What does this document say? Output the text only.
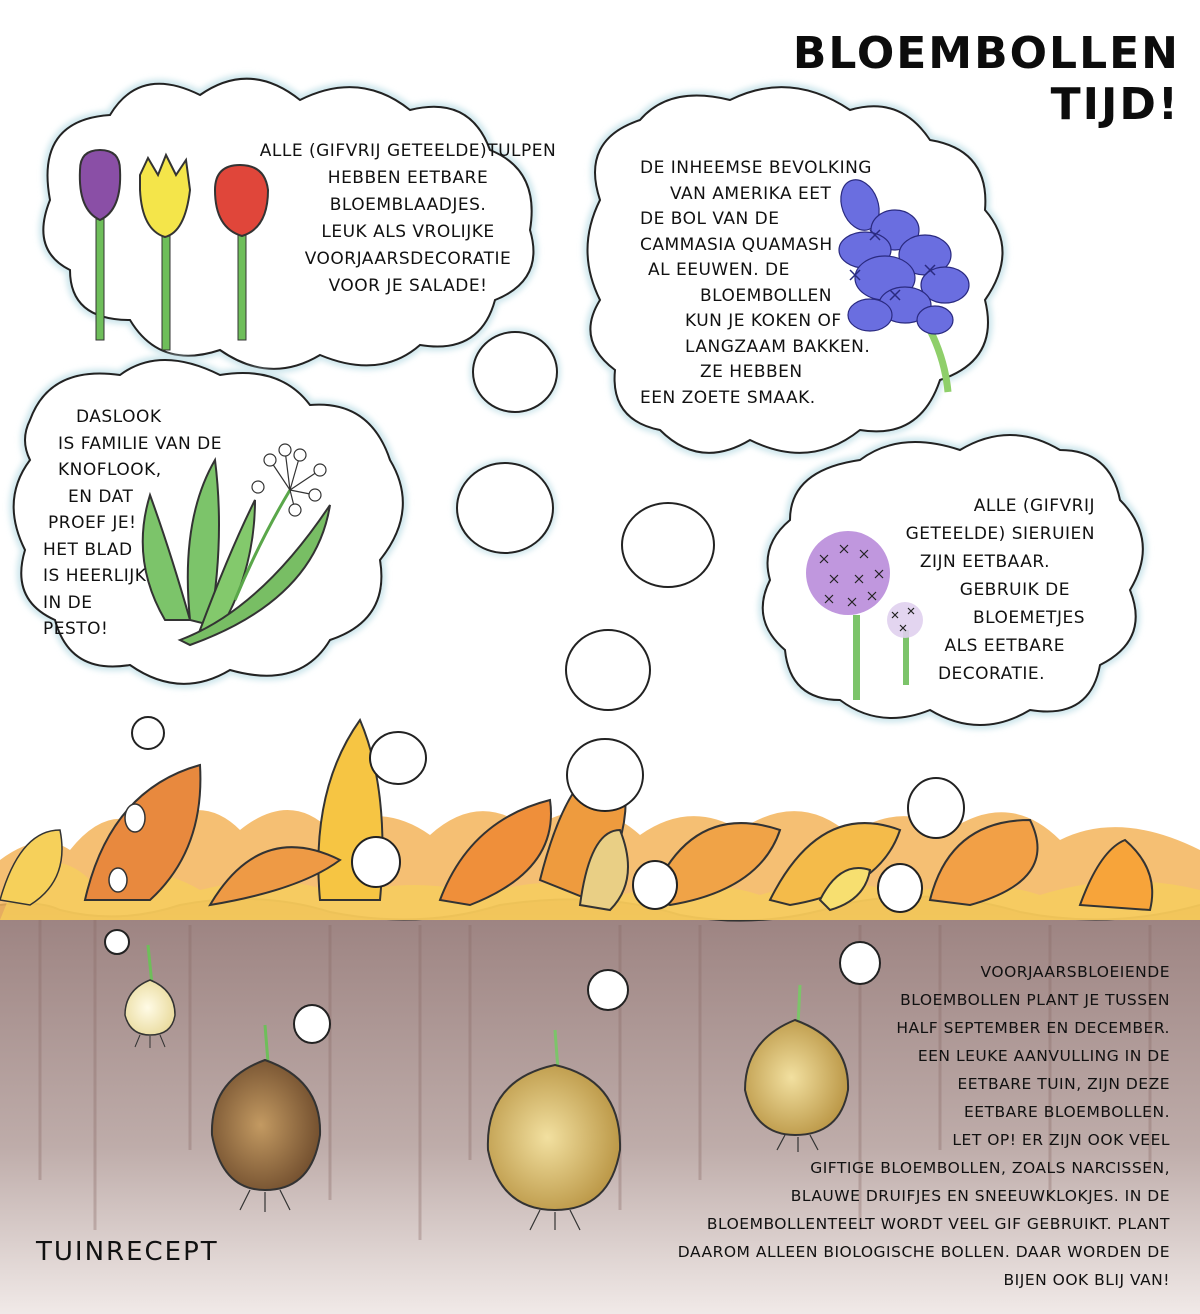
BLOEMBOLLEN TIJD!
ALLE (GIFVRIJ GETEELDE)TULPEN
HEBBEN EETBARE
BLOEMBLAADJES.
LEUK ALS VROLIJKE
VOORJAARSDECORATIE
VOOR JE SALADE!
DE INHEEMSE BEVOLKING
VAN AMERIKA EET
DE BOL VAN DE
CAMMASIA QUAMASH
AL EEUWEN. DE
BLOEMBOLLEN
KUN JE KOKEN OF
LANGZAAM BAKKEN.
ZE HEBBEN
EEN ZOETE SMAAK.
DASLOOK
IS FAMILIE VAN DE
KNOFLOOK,
EN DAT
PROEF JE!
HET BLAD
IS HEERLIJK
IN DE
PESTO!
ALLE (GIFVRIJ
GETEELDE) SIERUIEN
ZIJN EETBAAR.
GEBRUIK DE
BLOEMETJES
ALS EETBARE
DECORATIE.
VOORJAARSBLOEIENDE
BLOEMBOLLEN PLANT JE TUSSEN
HALF SEPTEMBER EN DECEMBER.
EEN LEUKE AANVULLING IN DE
EETBARE TUIN, ZIJN DEZE
EETBARE BLOEMBOLLEN.
LET OP! ER ZIJN OOK VEEL
GIFTIGE BLOEMBOLLEN, ZOALS NARCISSEN,
BLAUWE DRUIFJES EN SNEEUWKLOKJES. IN DE
BLOEMBOLLENTEELT WORDT VEEL GIF GEBRUIKT. PLANT
DAAROM ALLEEN BIOLOGISCHE BOLLEN. DAAR WORDEN DE
BIJEN OOK BLIJ VAN!

TUINRECEPT
